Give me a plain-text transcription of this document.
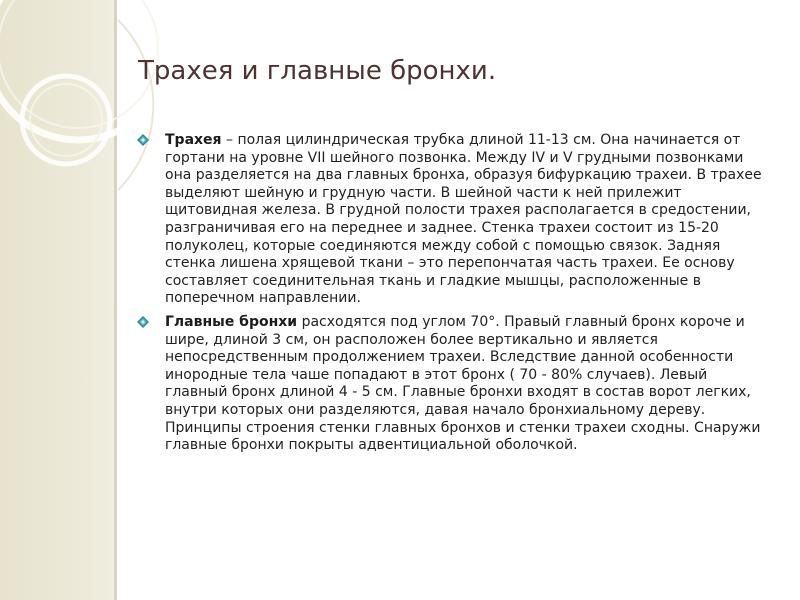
Трахея и главные бронхи.
Трахея – полая цилиндрическая трубка длиной 11-13 см. Она начинается от гортани на уровне VII шейного позвонка. Между IV и V грудными позвонками она разделяется на два главных бронха, образуя бифуркацию трахеи. В трахее выделяют шейную и грудную части. В шейной части к ней прилежит щитовидная железа. В грудной полости трахея располагается в средостении, разграничивая его на переднее и заднее. Стенка трахеи состоит из 15-20 полуколец, которые соединяются между собой с помощью связок. Задняя стенка лишена хрящевой ткани – это перепончатая часть трахеи. Ее основу составляет соединительная ткань и гладкие мышцы, расположенные в поперечном направлении.
Главные бронхи расходятся под углом 70°. Правый главный бронх короче и шире, длиной 3 см, он расположен более вертикально и является непосредственным продолжением трахеи. Вследствие данной особенности инородные тела чаше попадают в этот бронх ( 70 - 80% случаев). Левый главный бронх длиной 4 - 5 см. Главные бронхи входят в состав ворот легких, внутри которых они разделяются, давая начало бронхиальному дереву. Принципы строения стенки главных бронхов и стенки трахеи сходны. Снаружи главные бронхи покрыты адвентициальной оболочкой.
